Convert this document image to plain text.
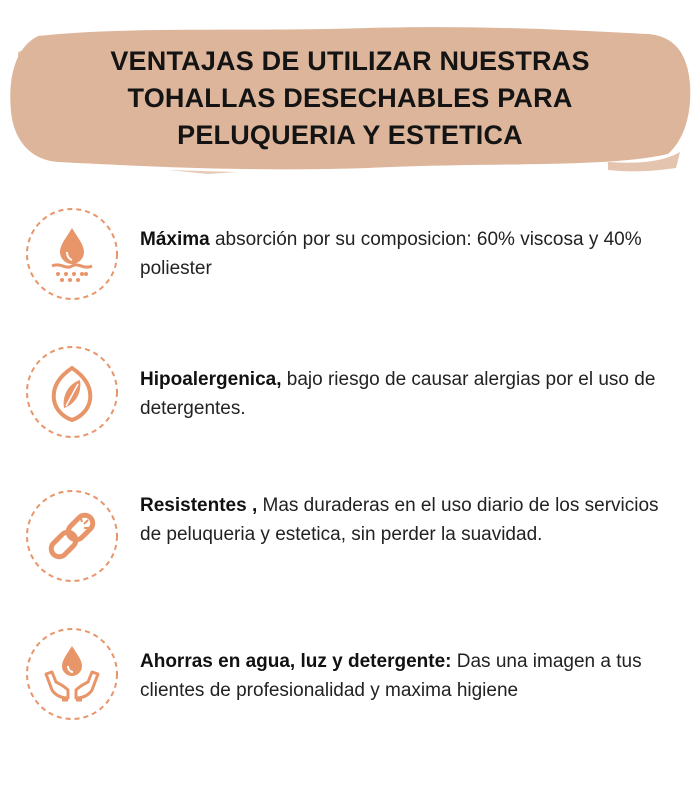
VENTAJAS DE UTILIZAR NUESTRAS TOHALLAS DESECHABLES PARA PELUQUERIA Y ESTETICA
Máxima absorción por su composicion: 60% viscosa y 40% poliester
Hipoalergenica, bajo riesgo de causar alergias por el uso de detergentes.
Resistentes , Mas duraderas en el uso diario de los servicios de peluqueria y estetica, sin perder la suavidad.
Ahorras en agua, luz y detergente: Das una imagen a tus clientes de profesionalidad y maxima higiene
